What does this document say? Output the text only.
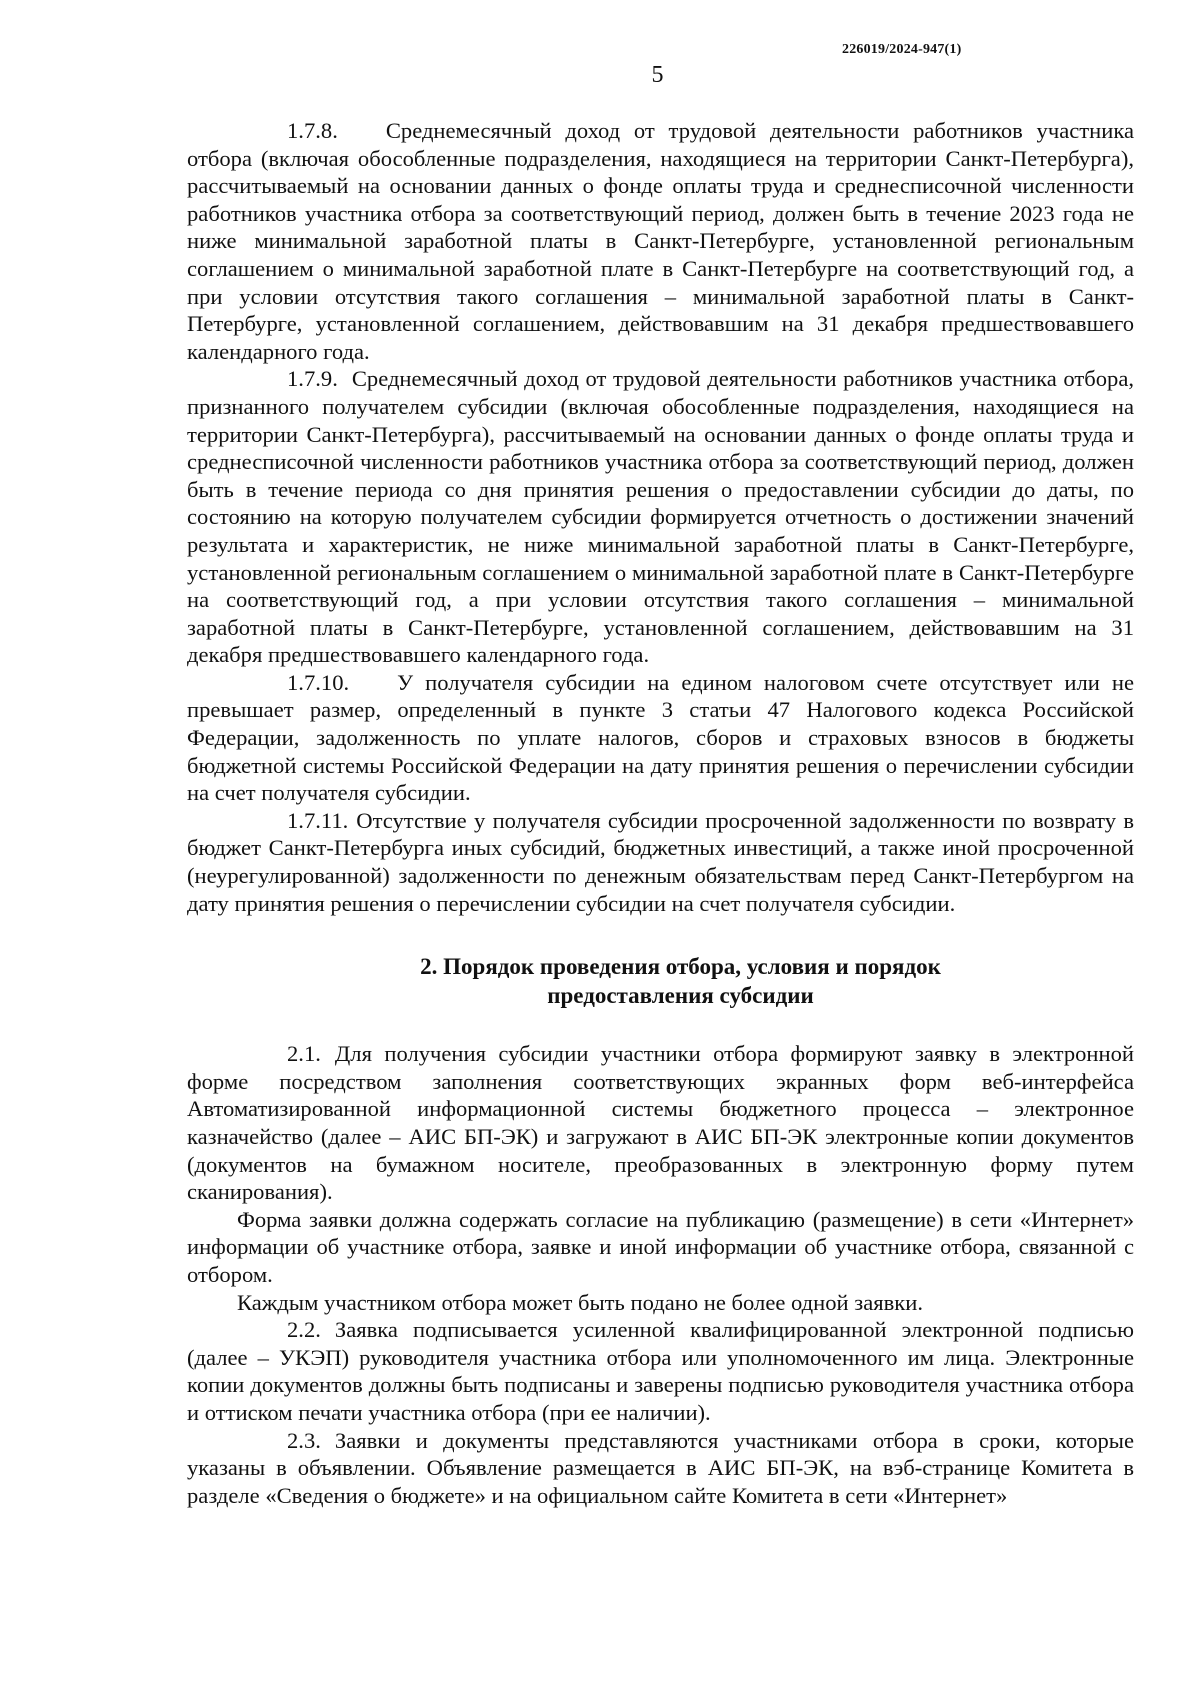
226019/2024-947(1)
5

1.7.8. Среднемесячный доход от трудовой деятельности работников участника отбора (включая обособленные подразделения, находящиеся на территории Санкт-Петербурга), рассчитываемый на основании данных о фонде оплаты труда и среднесписочной численности работников участника отбора за соответствующий период, должен быть в течение 2023 года не ниже минимальной заработной платы в Санкт-Петербурге, установленной региональным соглашением о минимальной заработной плате в Санкт-Петербурге на соответствующий год, а при условии отсутствия такого соглашения – минимальной заработной платы в Санкт-Петербурге, установленной соглашением, действовавшим на 31 декабря предшествовавшего календарного года.

1.7.9. Среднемесячный доход от трудовой деятельности работников участника отбора, признанного получателем субсидии (включая обособленные подразделения, находящиеся на территории Санкт-Петербурга), рассчитываемый на основании данных о фонде оплаты труда и среднесписочной численности работников участника отбора за соответствующий период, должен быть в течение периода со дня принятия решения о предоставлении субсидии до даты, по состоянию на которую получателем субсидии формируется отчетность о достижении значений результата и характеристик, не ниже минимальной заработной платы в Санкт-Петербурге, установленной региональным соглашением о минимальной заработной плате в Санкт-Петербурге на соответствующий год, а при условии отсутствия такого соглашения – минимальной заработной платы в Санкт-Петербурге, установленной соглашением, действовавшим на 31 декабря предшествовавшего календарного года.

1.7.10. У получателя субсидии на едином налоговом счете отсутствует или не превышает размер, определенный в пункте 3 статьи 47 Налогового кодекса Российской Федерации, задолженность по уплате налогов, сборов и страховых взносов в бюджеты бюджетной системы Российской Федерации на дату принятия решения о перечислении субсидии на счет получателя субсидии.

1.7.11. Отсутствие у получателя субсидии просроченной задолженности по возврату в бюджет Санкт-Петербурга иных субсидий, бюджетных инвестиций, а также иной просроченной (неурегулированной) задолженности по денежным обязательствам перед Санкт-Петербургом на дату принятия решения о перечислении субсидии на счет получателя субсидии.

2. Порядок проведения отбора, условия и порядок
предоставления субсидии

2.1. Для получения субсидии участники отбора формируют заявку в электронной форме посредством заполнения соответствующих экранных форм веб-интерфейса Автоматизированной информационной системы бюджетного процесса – электронное казначейство (далее – АИС БП-ЭК) и загружают в АИС БП-ЭК электронные копии документов (документов на бумажном носителе, преобразованных в электронную форму путем сканирования).

Форма заявки должна содержать согласие на публикацию (размещение) в сети «Интернет» информации об участнике отбора, заявке и иной информации об участнике отбора, связанной с отбором.

Каждым участником отбора может быть подано не более одной заявки.

2.2. Заявка подписывается усиленной квалифицированной электронной подписью (далее – УКЭП) руководителя участника отбора или уполномоченного им лица. Электронные копии документов должны быть подписаны и заверены подписью руководителя участника отбора и оттиском печати участника отбора (при ее наличии).

2.3. Заявки и документы представляются участниками отбора в сроки, которые указаны в объявлении. Объявление размещается в АИС БП-ЭК, на вэб-странице Комитета в разделе «Сведения о бюджете» и на официальном сайте Комитета в сети «Интернет»
